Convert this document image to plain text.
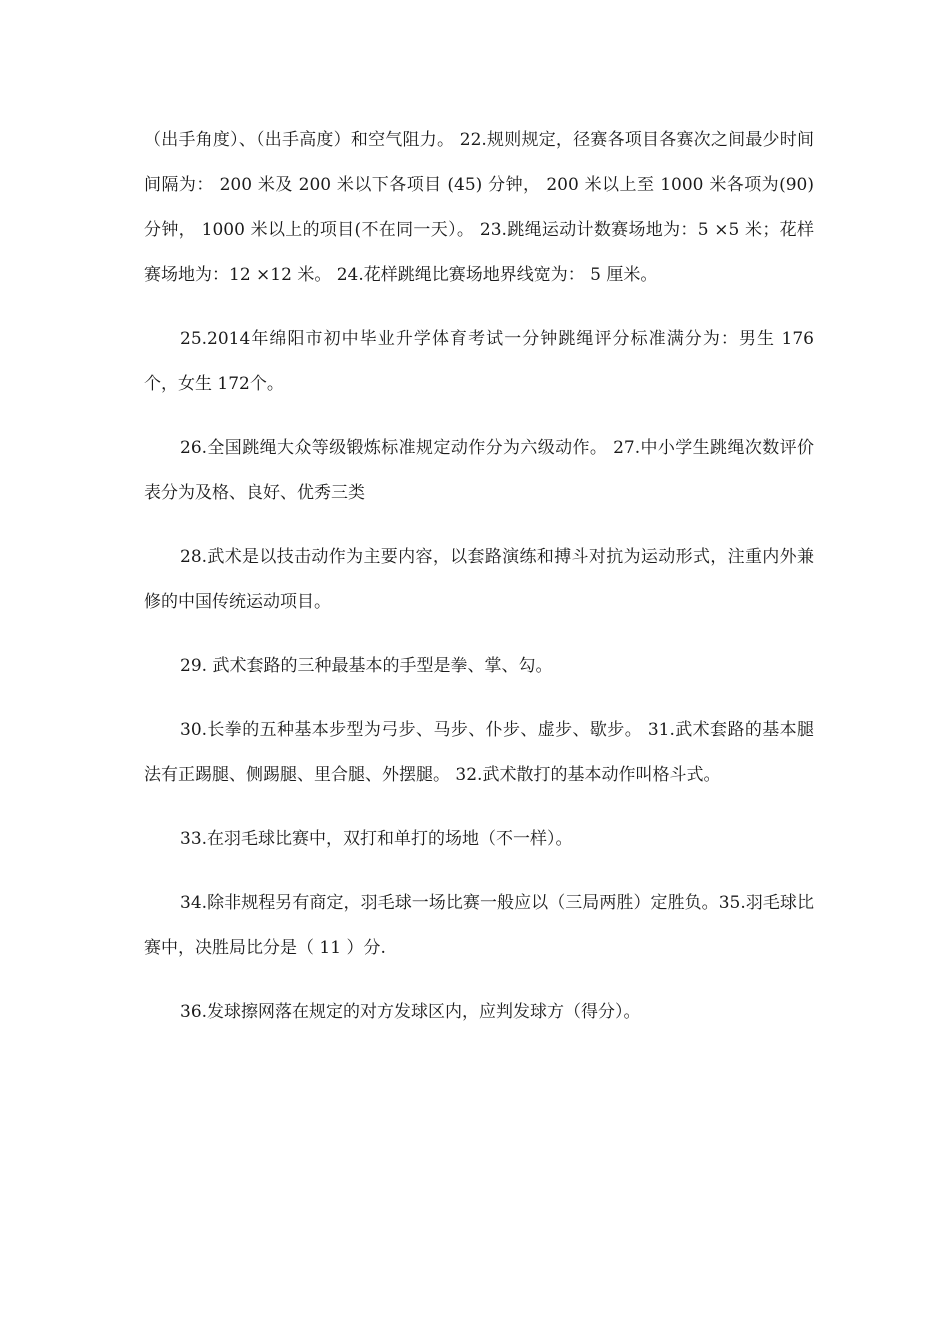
（出手角度）、（出手高度）和空气阻力。 22.规则规定，径赛各项目各赛次之间最少时间间隔为： 200 米及 200 米以下各项目 (45) 分钟， 200 米以上至 1000 米各项为(90)分钟， 1000 米以上的项目(不在同一天）。 23.跳绳运动计数赛场地为：5 ×5 米；花样赛场地为：12 ×12 米。 24.花样跳绳比赛场地界线宽为： 5 厘米。

25.2014年绵阳市初中毕业升学体育考试一分钟跳绳评分标准满分为：男生 176 个，女生 172个。

26.全国跳绳大众等级锻炼标准规定动作分为六级动作。 27.中小学生跳绳次数评价表分为及格、良好、优秀三类

28.武术是以技击动作为主要内容，以套路演练和搏斗对抗为运动形式，注重内外兼修的中国传统运动项目。

29. 武术套路的三种最基本的手型是拳、掌、勾。

30.长拳的五种基本步型为弓步、马步、仆步、虚步、歇步。 31.武术套路的基本腿法有正踢腿、侧踢腿、里合腿、外摆腿。 32.武术散打的基本动作叫格斗式。

33.在羽毛球比赛中，双打和单打的场地（不一样）。

34.除非规程另有商定，羽毛球一场比赛一般应以（三局两胜）定胜负。35.羽毛球比赛中，决胜局比分是（ 11 ）分.

36.发球擦网落在规定的对方发球区内，应判发球方（得分）。
